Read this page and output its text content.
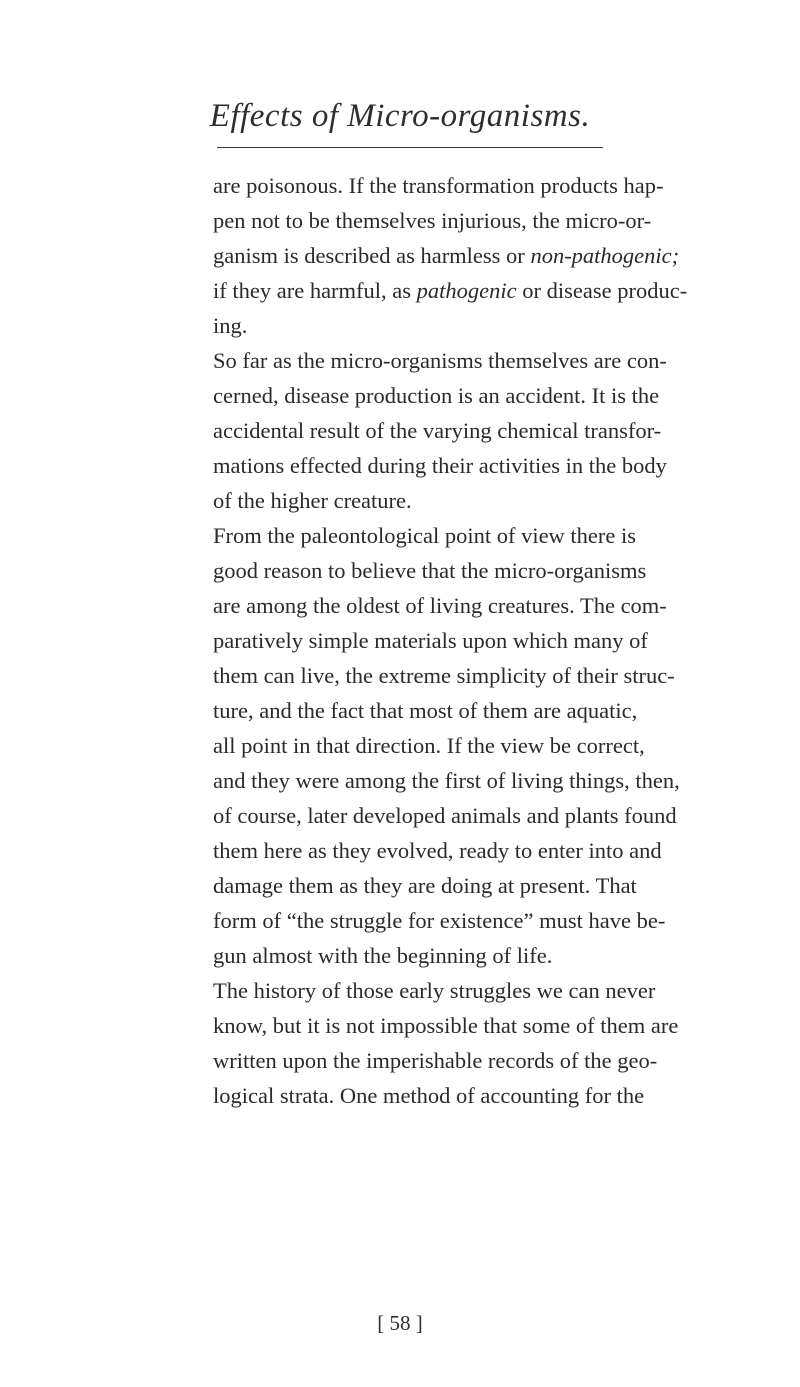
Effects of Micro-organisms.
are poisonous. If the transformation products hap-
pen not to be themselves injurious, the micro-or-
ganism is described as harmless or non-pathogenic;
if they are harmful, as pathogenic or disease produc-
ing.
So far as the micro-organisms themselves are con-
cerned, disease production is an accident. It is the
accidental result of the varying chemical transfor-
mations effected during their activities in the body
of the higher creature.
From the paleontological point of view there is
good reason to believe that the micro-organisms
are among the oldest of living creatures. The com-
paratively simple materials upon which many of
them can live, the extreme simplicity of their struc-
ture, and the fact that most of them are aquatic,
all point in that direction. If the view be correct,
and they were among the first of living things, then,
of course, later developed animals and plants found
them here as they evolved, ready to enter into and
damage them as they are doing at present. That
form of “the struggle for existence” must have be-
gun almost with the beginning of life.
The history of those early struggles we can never
know, but it is not impossible that some of them are
written upon the imperishable records of the geo-
logical strata. One method of accounting for the
[ 58 ]
